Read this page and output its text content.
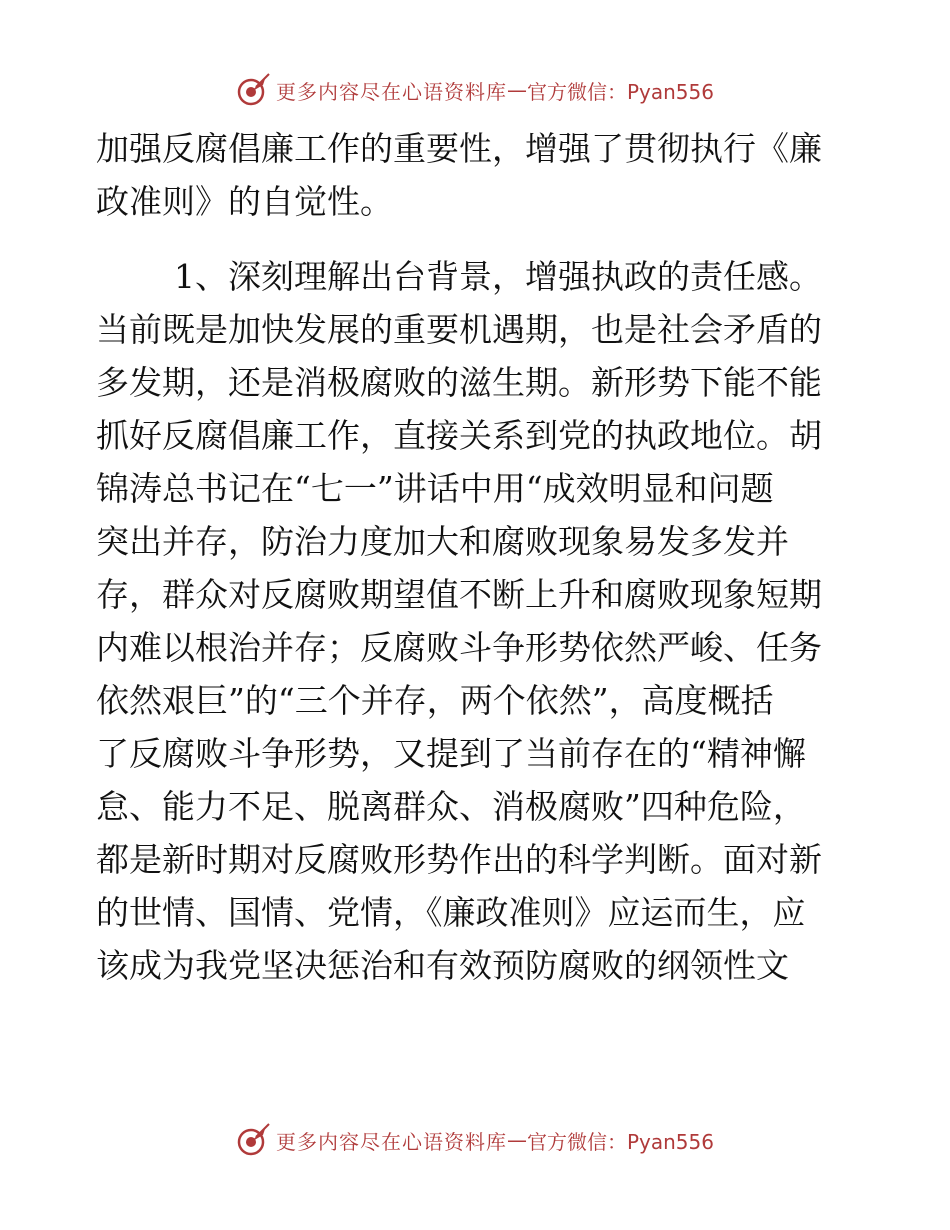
更多内容尽在心语资料库 — 官方微信：Pyan556
加强反腐倡廉工作的重要性，增强了贯彻执行《廉
政准则》的自觉性。
1、深刻理解出台背景，增强执政的责任感。
当前既是加快发展的重要机遇期，也是社会矛盾的
多发期，还是消极腐败的滋生期。新形势下能不能
抓好反腐倡廉工作，直接关系到党的执政地位。胡
锦涛总书记在“七一”讲话中用“成效明显和问题
突出并存，防治力度加大和腐败现象易发多发并
存，群众对反腐败期望值不断上升和腐败现象短期
内难以根治并存；反腐败斗争形势依然严峻、任务
依然艰巨”的“三个并存，两个依然”，高度概括
了反腐败斗争形势，又提到了当前存在的“精神懈
怠、能力不足、脱离群众、消极腐败”四种危险，
都是新时期对反腐败形势作出的科学判断。面对新
的世情、国情、党情，《廉政准则》应运而生，应
该成为我党坚决惩治和有效预防腐败的纲领性文
更多内容尽在心语资料库 — 官方微信：Pyan556
